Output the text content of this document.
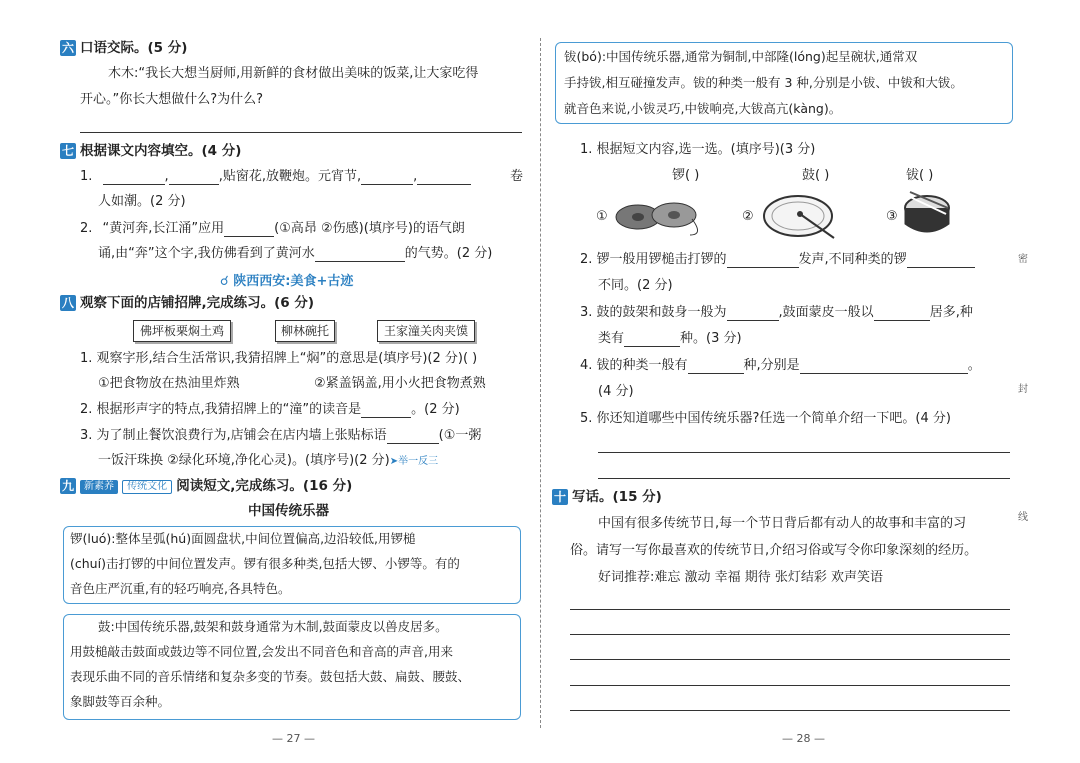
六 口语交际。(5 分)
木木:“我长大想当厨师,用新鲜的食材做出美味的饭菜,让大家吃得
开心。”你长大想做什么?为什么?
七 根据课文内容填空。(4 分)
1.	,	,贴窗花,放鞭炮。元宵节,	,	卷
人如潮。(2 分)
2. “黄河奔,长江涌”应用	(①高昂 ②伤感)(填序号)的语气朗
诵,由“奔”这个字,我仿佛看到了黄河水	的气势。(2 分)
☌ 陕西西安:美食+古迹
八 观察下面的店铺招牌,完成练习。(6 分)
佛坪板栗焖土鸡	柳林碗托	王家潼关肉夹馍
1. 观察字形,结合生活常识,我猜招牌上“焖”的意思是(填序号)(2 分)( )
①把食物放在热油里炸熟	②紧盖锅盖,用小火把食物煮熟
2. 根据形声字的特点,我猜招牌上的“潼”的读音是	。(2 分)
3. 为了制止餐饮浪费行为,店铺会在店内墙上张贴标语	(①一粥
一饭汗珠换 ②绿化环境,净化心灵)。(填序号)(2 分)➤举一反三
九	新素养 传统文化 阅读短文,完成练习。(16 分)
中国传统乐器
锣(luó):整体呈弧(hú)面圆盘状,中间位置偏高,边沿较低,用锣槌
(chuí)击打锣的中间位置发声。锣有很多种类,包括大锣、小锣等。有的
音色庄严沉重,有的轻巧响亮,各具特色。
鼓:中国传统乐器,鼓架和鼓身通常为木制,鼓面蒙皮以兽皮居多。
用鼓槌敲击鼓面或鼓边等不同位置,会发出不同音色和音高的声音,用来
表现乐曲不同的音乐情绪和复杂多变的节奏。鼓包括大鼓、扁鼓、腰鼓、
象脚鼓等百余种。
— 27 —
钹(bó):中国传统乐器,通常为铜制,中部隆(lóng)起呈碗状,通常双
手持钹,相互碰撞发声。钹的种类一般有 3 种,分别是小钹、中钹和大钹。
就音色来说,小钹灵巧,中钹响亮,大钹高亢(kàng)。
1. 根据短文内容,选一选。(填序号)(3 分)
锣( )	鼓( )	钹( )
①	②	③
2. 锣一般用锣槌击打锣的	发声,不同种类的锣
不同。(2 分)
3. 鼓的鼓架和鼓身一般为	,鼓面蒙皮一般以	居多,种
类有	种。(3 分)
4. 钹的种类一般有	种,分别是	。
(4 分)
5. 你还知道哪些中国传统乐器?任选一个简单介绍一下吧。(4 分)
十 写话。(15 分)
中国有很多传统节日,每一个节日背后都有动人的故事和丰富的习
俗。请写一写你最喜欢的传统节日,介绍习俗或写令你印象深刻的经历。
好词推荐:难忘 激动 幸福 期待 张灯结彩 欢声笑语
密
封
线
— 28 —
